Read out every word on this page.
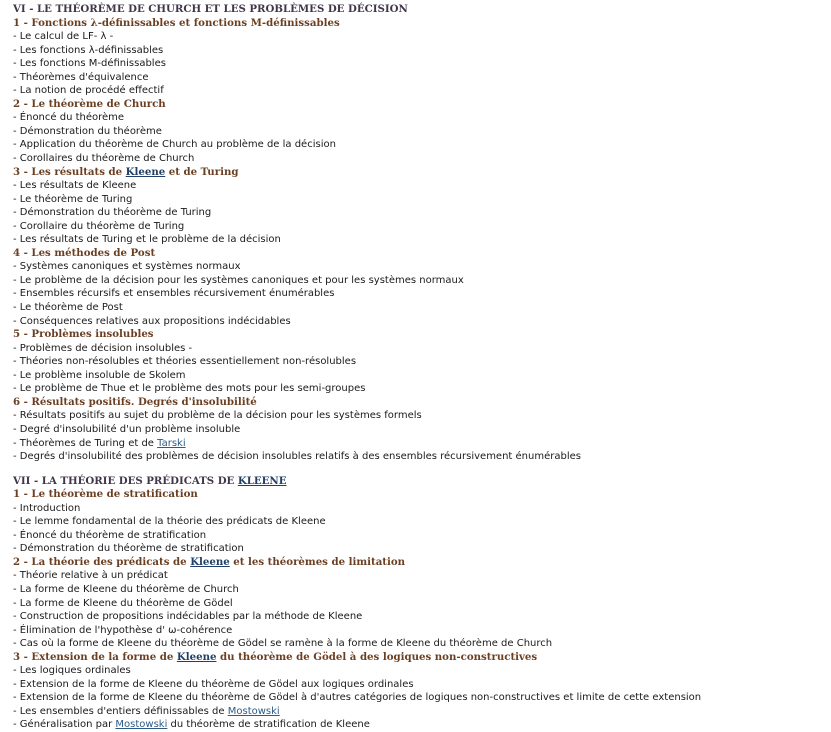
VI - LE THÉORÈME DE CHURCH ET LES PROBLÈMES DE DÉCISION
1 - Fonctions λ-définissables et fonctions M-définissables
- Le calcul de LF- λ -
- Les fonctions λ-définissables
- Les fonctions M-définissables
- Théorèmes d'équivalence
- La notion de procédé effectif
2 - Le théorème de Church
- Énoncé du théorème
- Démonstration du théorème
- Application du théorème de Church au problème de la décision
- Corollaires du théorème de Church
3 - Les résultats de Kleene et de Turing
- Les résultats de Kleene
- Le théorème de Turing
- Démonstration du théorème de Turing
- Corollaire du théorème de Turing
- Les résultats de Turing et le problème de la décision
4 - Les méthodes de Post
- Systèmes canoniques et systèmes normaux
- Le problème de la décision pour les systèmes canoniques et pour les systèmes normaux
- Ensembles récursifs et ensembles récursivement énumérables
- Le théorème de Post
- Conséquences relatives aux propositions indécidables
5 - Problèmes insolubles
- Problèmes de décision insolubles -
- Théories non-résolubles et théories essentiellement non-résolubles
- Le problème insoluble de Skolem
- Le problème de Thue et le problème des mots pour les semi-groupes
6 - Résultats positifs. Degrés d'insolubilité
- Résultats positifs au sujet du problème de la décision pour les systèmes formels
- Degré d'insolubilité d'un problème insoluble
- Théorèmes de Turing et de Tarski
- Degrés d'insolubilité des problèmes de décision insolubles relatifs à des ensembles récursivement énumérables
VII - LA THÉORIE DES PRÉDICATS DE KLEENE
1 - Le théorème de stratification
- Introduction
- Le lemme fondamental de la théorie des prédicats de Kleene
- Énoncé du théorème de stratification
- Démonstration du théorème de stratification
2 - La théorie des prédicats de Kleene et les théorèmes de limitation
- Théorie relative à un prédicat
- La forme de Kleene du théorème de Church
- La forme de Kleene du théorème de Gödel
- Construction de propositions indécidables par la méthode de Kleene
- Élimination de l'hypothèse d' ω-cohérence
- Cas où la forme de Kleene du théorème de Gödel se ramène à la forme de Kleene du théorème de Church
3 - Extension de la forme de Kleene du théorème de Gödel à des logiques non-constructives
- Les logiques ordinales
- Extension de la forme de Kleene du théorème de Gödel aux logiques ordinales
- Extension de la forme de Kleene du théorème de Gödel à d'autres catégories de logiques non-constructives et limite de cette extension
- Les ensembles d'entiers définissables de Mostowski
- Généralisation par Mostowski du théorème de stratification de Kleene
